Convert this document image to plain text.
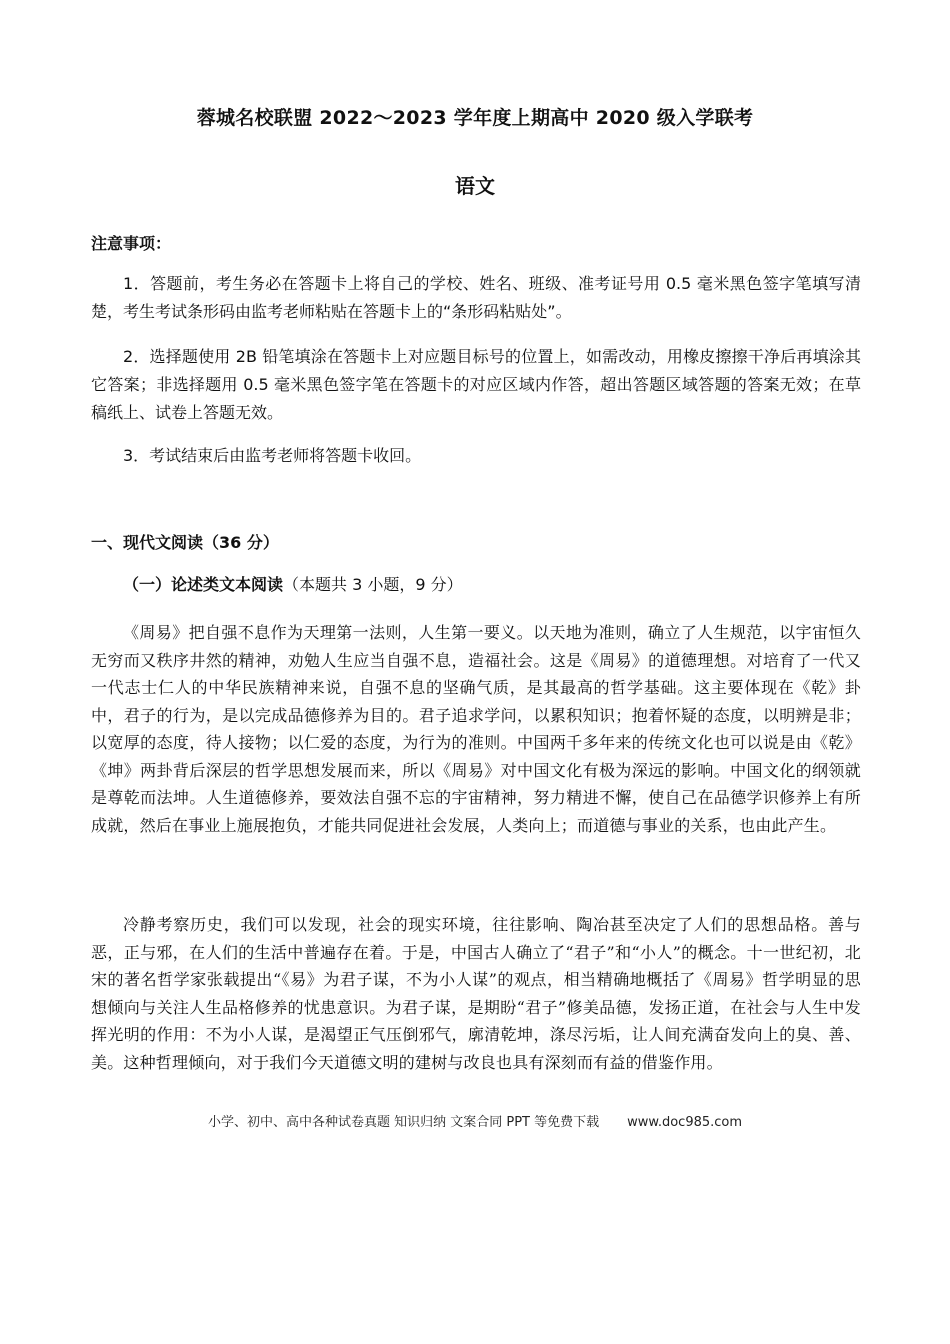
蓉城名校联盟 2022～2023 学年度上期高中 2020 级入学联考
语文
注意事项：
1．答题前，考生务必在答题卡上将自己的学校、姓名、班级、准考证号用 0.5 毫米黑色签字笔填写清楚，考生考试条形码由监考老师粘贴在答题卡上的“条形码粘贴处”。
2．选择题使用 2B 铅笔填涂在答题卡上对应题目标号的位置上，如需改动，用橡皮擦擦干净后再填涂其它答案；非选择题用 0.5 毫米黑色签字笔在答题卡的对应区域内作答，超出答题区域答题的答案无效；在草稿纸上、试卷上答题无效。
3．考试结束后由监考老师将答题卡收回。
一、现代文阅读（36 分）
（一）论述类文本阅读（本题共 3 小题，9 分）
《周易》把自强不息作为天理第一法则，人生第一要义。以天地为准则，确立了人生规范，以宇宙恒久无穷而又秩序井然的精神，劝勉人生应当自强不息，造福社会。这是《周易》的道德理想。对培育了一代又一代志士仁人的中华民族精神来说，自强不息的坚确气质，是其最高的哲学基础。这主要体现在《乾》卦中，君子的行为，是以完成品德修养为目的。君子追求学问，以累积知识；抱着怀疑的态度，以明辨是非；以宽厚的态度，待人接物；以仁爱的态度，为行为的准则。中国两千多年来的传统文化也可以说是由《乾》《坤》两卦背后深层的哲学思想发展而来，所以《周易》对中国文化有极为深远的影响。中国文化的纲领就是尊乾而法坤。人生道德修养，要效法自强不忘的宇宙精神，努力精进不懈，使自己在品德学识修养上有所成就，然后在事业上施展抱负，才能共同促进社会发展，人类向上；而道德与事业的关系，也由此产生。
冷静考察历史，我们可以发现，社会的现实环境，往往影响、陶冶甚至决定了人们的思想品格。善与恶，正与邪，在人们的生活中普遍存在着。于是，中国古人确立了“君子”和“小人”的概念。十一世纪初，北宋的著名哲学家张载提出“《易》为君子谋，不为小人谋”的观点，相当精确地概括了《周易》哲学明显的思想倾向与关注人生品格修养的忧患意识。为君子谋，是期盼“君子”修美品德，发扬正道，在社会与人生中发挥光明的作用：不为小人谋，是渴望正气压倒邪气，廓清乾坤，涤尽污垢，让人间充满奋发向上的臭、善、美。这种哲理倾向，对于我们今天道德文明的建树与改良也具有深刻而有益的借鉴作用。
小学、初中、高中各种试卷真题 知识归纳 文案合同 PPT 等免费下载 www.doc985.com
